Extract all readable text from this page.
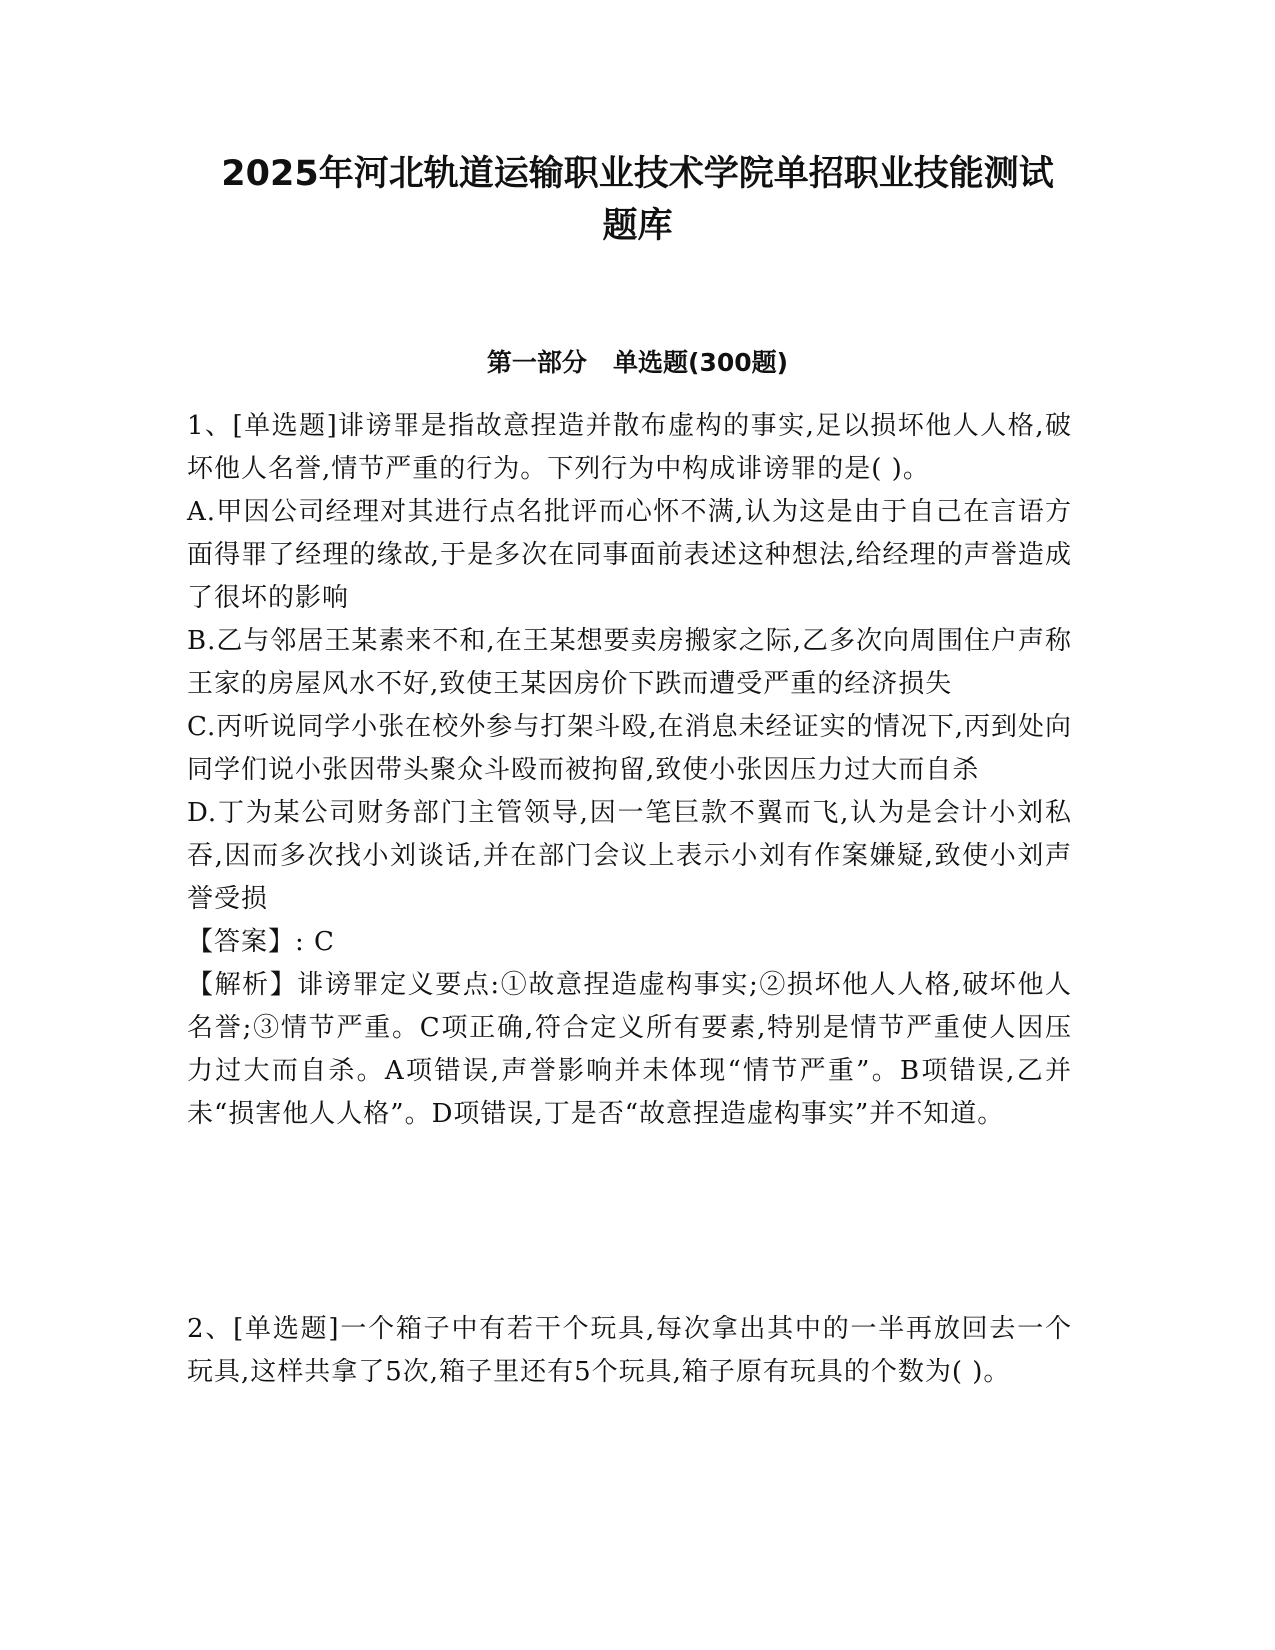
2025年河北轨道运输职业技术学院单招职业技能测试
题库
第一部分   单选题(300题)

1、[单选题]诽谤罪是指故意捏造并散布虚构的事实,足以损坏他人人格,破坏他人名誉,情节严重的行为。下列行为中构成诽谤罪的是( )。

A.甲因公司经理对其进行点名批评而心怀不满,认为这是由于自己在言语方面得罪了经理的缘故,于是多次在同事面前表述这种想法,给经理的声誉造成了很坏的影响

B.乙与邻居王某素来不和,在王某想要卖房搬家之际,乙多次向周围住户声称王家的房屋风水不好,致使王某因房价下跌而遭受严重的经济损失

C.丙听说同学小张在校外参与打架斗殴,在消息未经证实的情况下,丙到处向同学们说小张因带头聚众斗殴而被拘留,致使小张因压力过大而自杀

D.丁为某公司财务部门主管领导,因一笔巨款不翼而飞,认为是会计小刘私吞,因而多次找小刘谈话,并在部门会议上表示小刘有作案嫌疑,致使小刘声誉受损

【答案】: C

【解析】诽谤罪定义要点:①故意捏造虚构事实;②损坏他人人格,破坏他人名誉;③情节严重。C项正确,符合定义所有要素,特别是情节严重使人因压力过大而自杀。A项错误,声誉影响并未体现“情节严重”。B项错误,乙并未“损害他人人格”。D项错误,丁是否“故意捏造虚构事实”并不知道。

2、[单选题]一个箱子中有若干个玩具,每次拿出其中的一半再放回去一个玩具,这样共拿了5次,箱子里还有5个玩具,箱子原有玩具的个数为( )。
